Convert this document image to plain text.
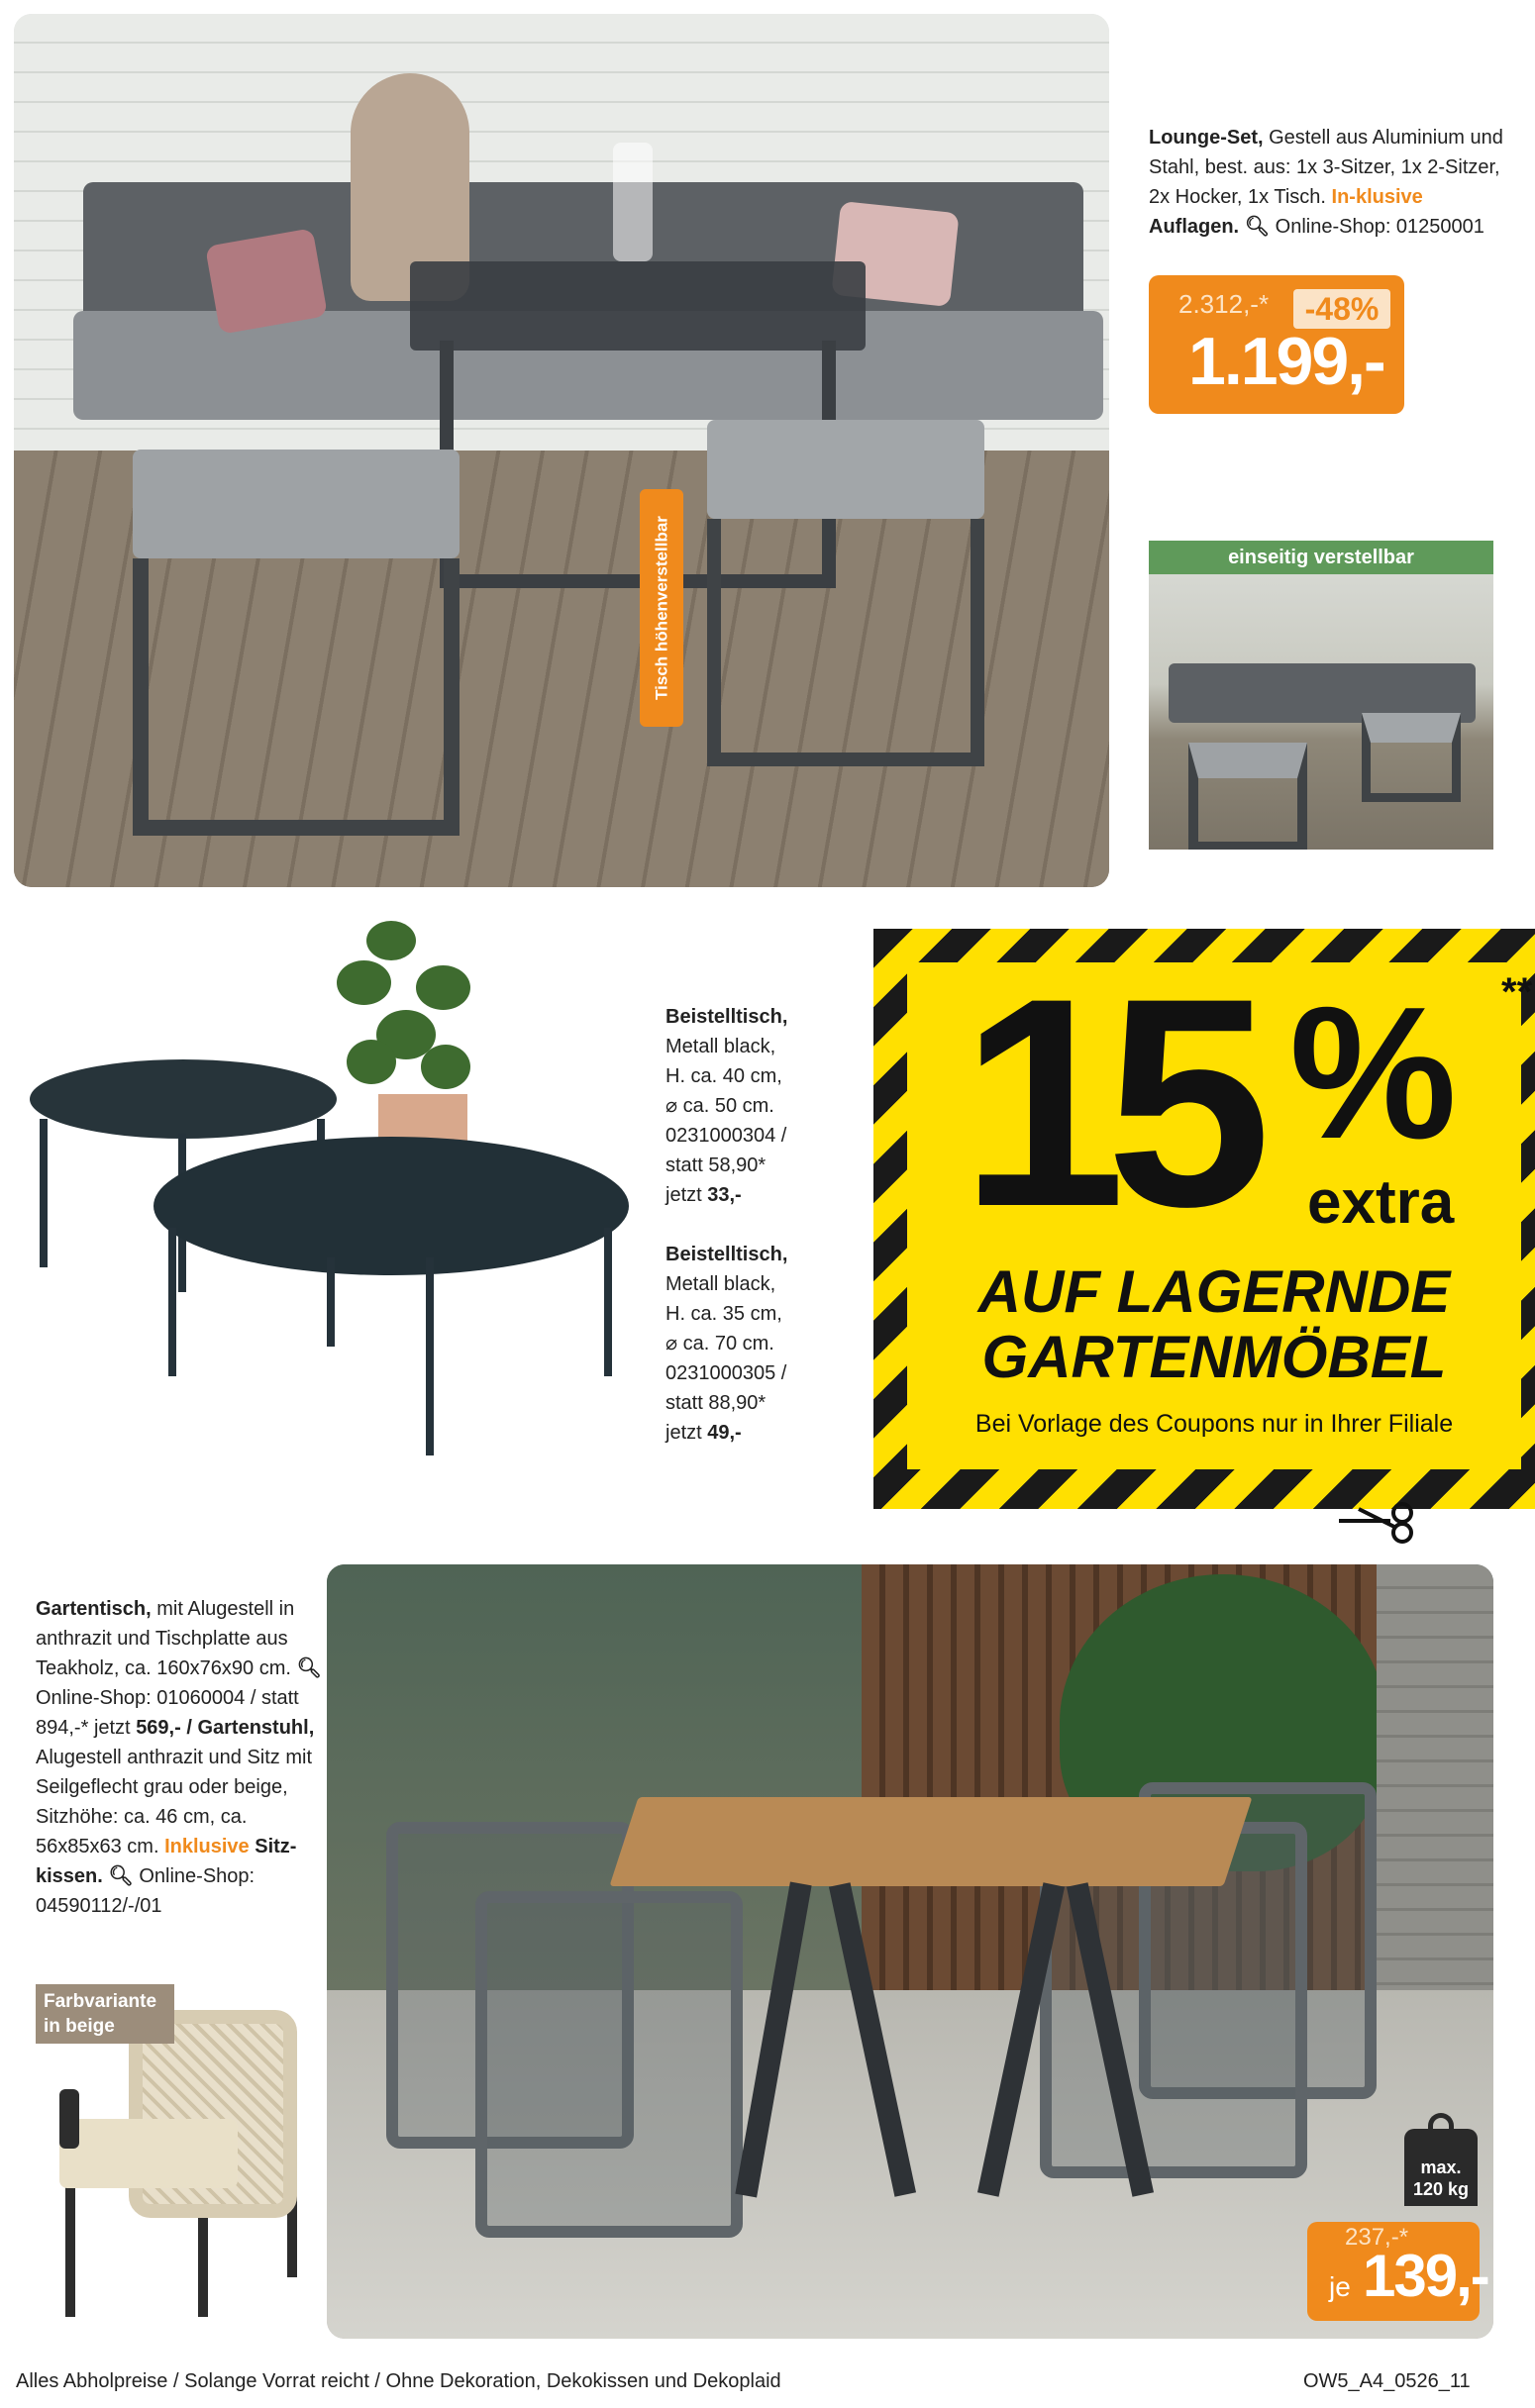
Tisch höhenverstellbar
Lounge-Set, Gestell aus Aluminium und Stahl, best. aus: 1x 3-Sitzer, 1x 2-Sitzer, 2x Hocker, 1x Tisch. In-klusive Auflagen. 🔍︎ Online-Shop: 01250001
2.312,-*	-48%
1.199,-
einseitig verstellbar
Beistelltisch,
Metall black,
H. ca. 40 cm,
⌀ ca. 50 cm.
0231000304 /
statt 58,90*
jetzt 33,-
Beistelltisch,
Metall black,
H. ca. 35 cm,
⌀ ca. 70 cm.
0231000305 /
statt 88,90*
jetzt 49,-
15 % **
extra
AUF LAGERNDE
GARTENMÖBEL
Bei Vorlage des Coupons nur in Ihrer Filiale
Gartentisch, mit Alugestell in anthrazit und Tischplatte aus Teakholz, ca. 160x76x90 cm. 🔍︎ Online-Shop: 01060004 / statt 894,-* jetzt 569,- / Gartenstuhl, Alugestell anthrazit und Sitz mit Seilgeflecht grau oder beige, Sitzhöhe: ca. 46 cm, ca. 56x85x63 cm. Inklusive Sitz-kissen. 🔍︎ Online-Shop: 04590112/-/01
Farbvariante in beige
max. 120 kg
237,-*
je 139,-
Alles Abholpreise / Solange Vorrat reicht / Ohne Dekoration, Dekokissen und Dekoplaid	OW5_A4_0526_11
